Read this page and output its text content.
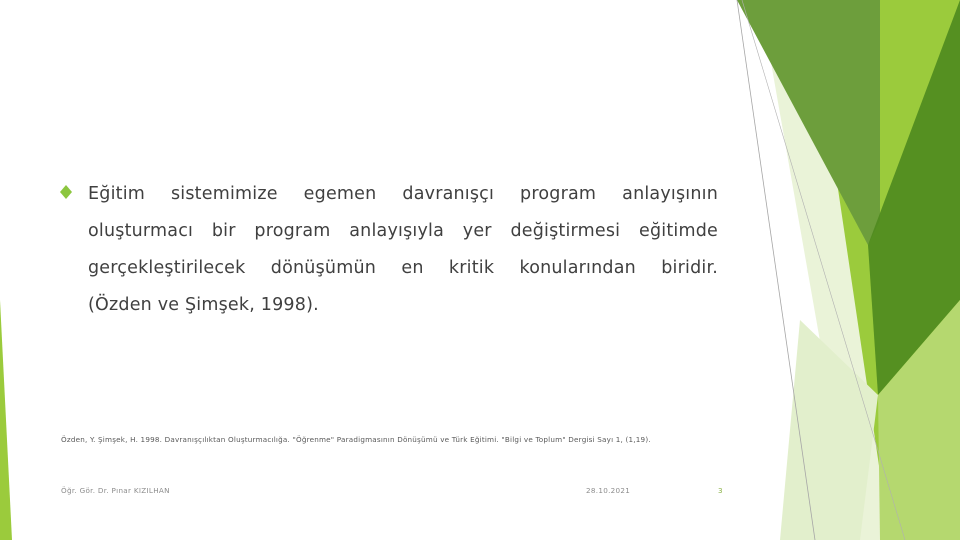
Eğitim sistemimize egemen davranışçı program anlayışının
oluşturmacı bir program anlayışıyla yer değiştirmesi eğitimde
gerçekleştirilecek dönüşümün en kritik konularından biridir.
(Özden ve Şimşek, 1998).
Özden, Y. Şimşek, H. 1998. Davranışçılıktan Oluşturmacılığa. "Öğrenme" Paradigmasının Dönüşümü ve Türk Eğitimi. "Bilgi ve Toplum" Dergisi Sayı 1, (1,19).
Öğr. Gör. Dr. Pınar KIZILHAN	28.10.2021	3
